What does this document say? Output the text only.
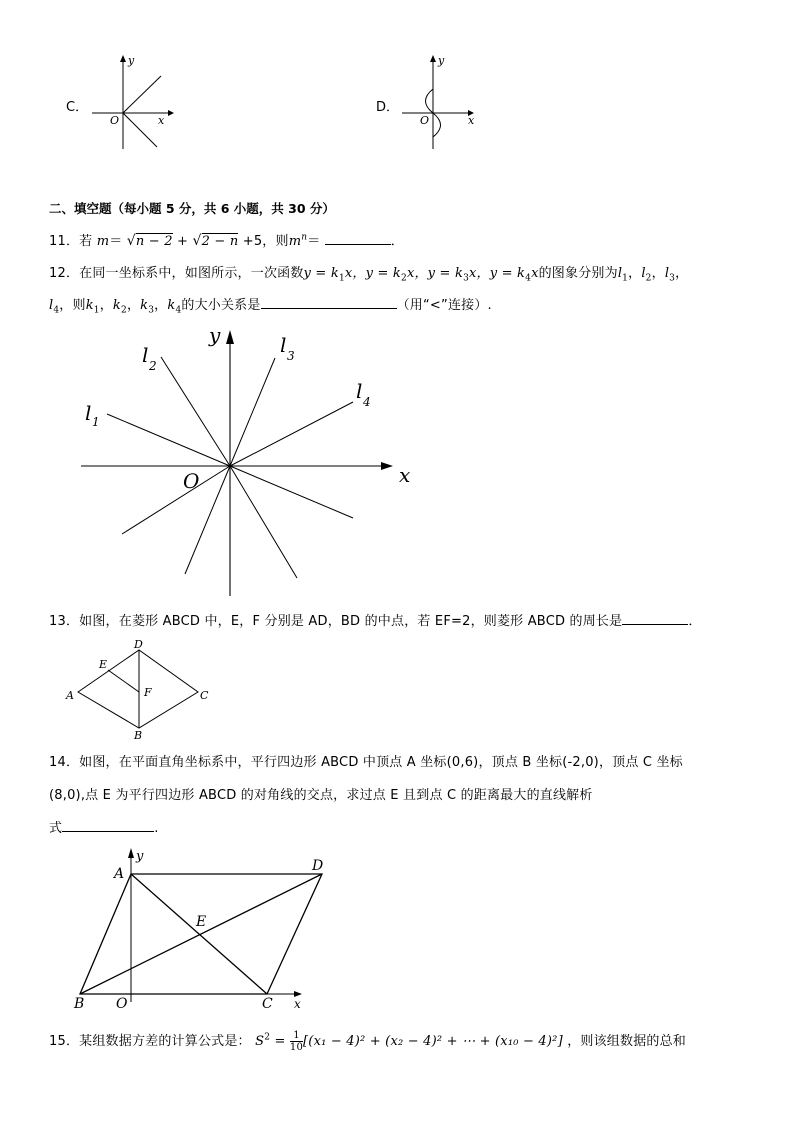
C．
y
x
O
D．
y
x
O
二、填空题（每小题 5 分，共 6 小题，共 30 分）
11．若 m＝ √n − 2 + √2 − n +5，则$m^n=$	．
12．在同一坐标系中，如图所示，一次函数$y = k_1x$，$y = k_2x$，$y = k_3x$，$y = k_4x$的图象分别为$l_1$，$l_2$，$l_3$，
$l_4$，则$k_1$，$k_2$，$k_3$，$k_4$的大小关系是	（用“<”连接）.
y
x
O
l 1
l 2
l 3
l 4
13．如图，在菱形 ABCD 中，E，F 分别是 AD，BD 的中点，若 EF=2，则菱形 ABCD 的周长是	．
A
D
C
B
E
F
14．如图，在平面直角坐标系中，平行四边形 ABCD 中顶点 A 坐标(0,6)，顶点 B 坐标(-2,0)，顶点 C 坐标
(8,0),点 E 为平行四边形 ABCD 的对角线的交点，求过点 E 且到点 C 的距离最大的直线解析
式	.
A
y
D
E
B O	C x
15．某组数据方差的计算公式是： $S^2 = \frac{1}{10} [(x_1 - 4)^2 + (x_2 - 4)^2$ + ⋯ + (x₁₀ − 4)²] ，则该组数据的总和
